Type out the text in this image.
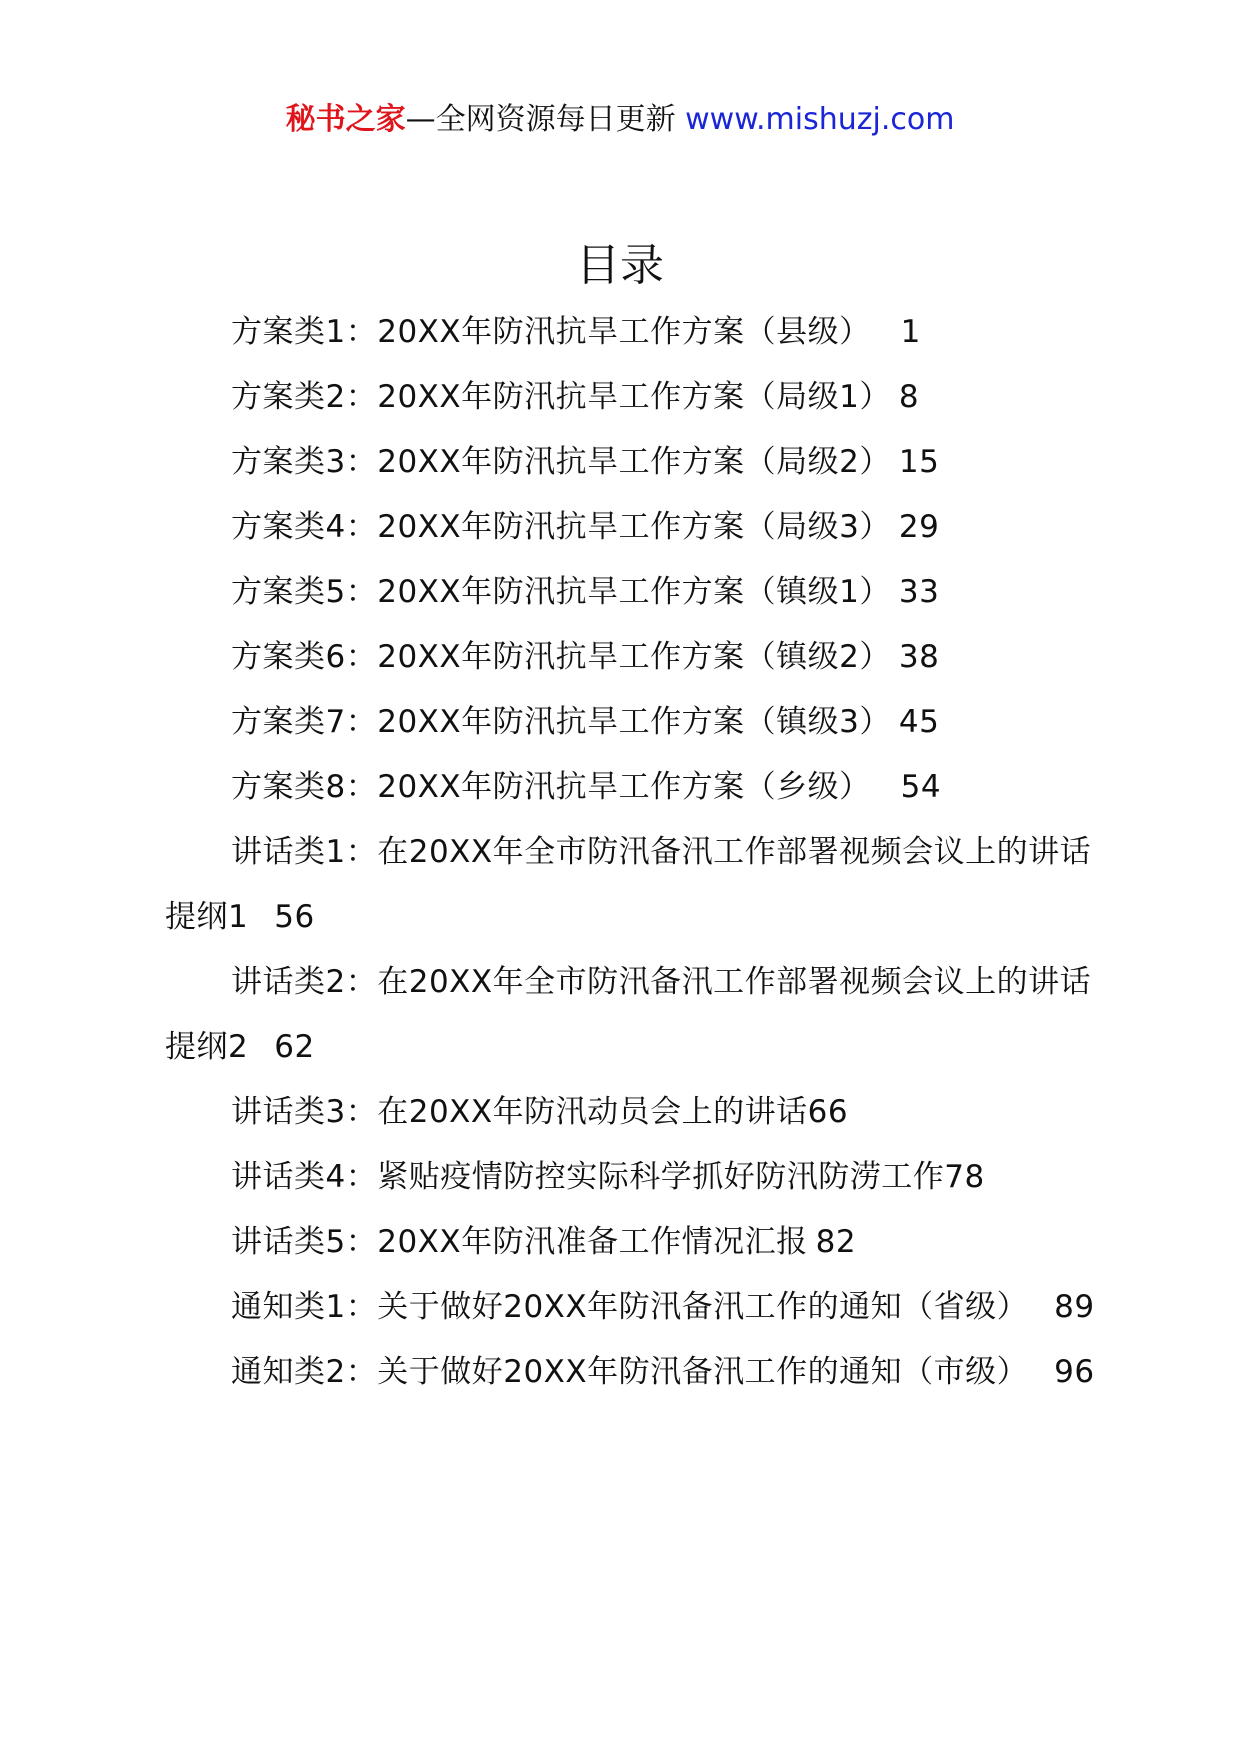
秘书之家—全网资源每日更新 www.mishuzj.com
目录
方案类1：20XX年防汛抗旱工作方案（县级） 1
方案类2：20XX年防汛抗旱工作方案（局级1） 8
方案类3：20XX年防汛抗旱工作方案（局级2） 15
方案类4：20XX年防汛抗旱工作方案（局级3） 29
方案类5：20XX年防汛抗旱工作方案（镇级1） 33
方案类6：20XX年防汛抗旱工作方案（镇级2） 38
方案类7：20XX年防汛抗旱工作方案（镇级3） 45
方案类8：20XX年防汛抗旱工作方案（乡级） 54
讲话类1：在20XX年全市防汛备汛工作部署视频会议上的讲话提纲1 56
讲话类2：在20XX年全市防汛备汛工作部署视频会议上的讲话提纲2 62
讲话类3：在20XX年防汛动员会上的讲话66
讲话类4：紧贴疫情防控实际科学抓好防汛防涝工作78
讲话类5：20XX年防汛准备工作情况汇报 82
通知类1：关于做好20XX年防汛备汛工作的通知（省级） 89
通知类2：关于做好20XX年防汛备汛工作的通知（市级） 96
